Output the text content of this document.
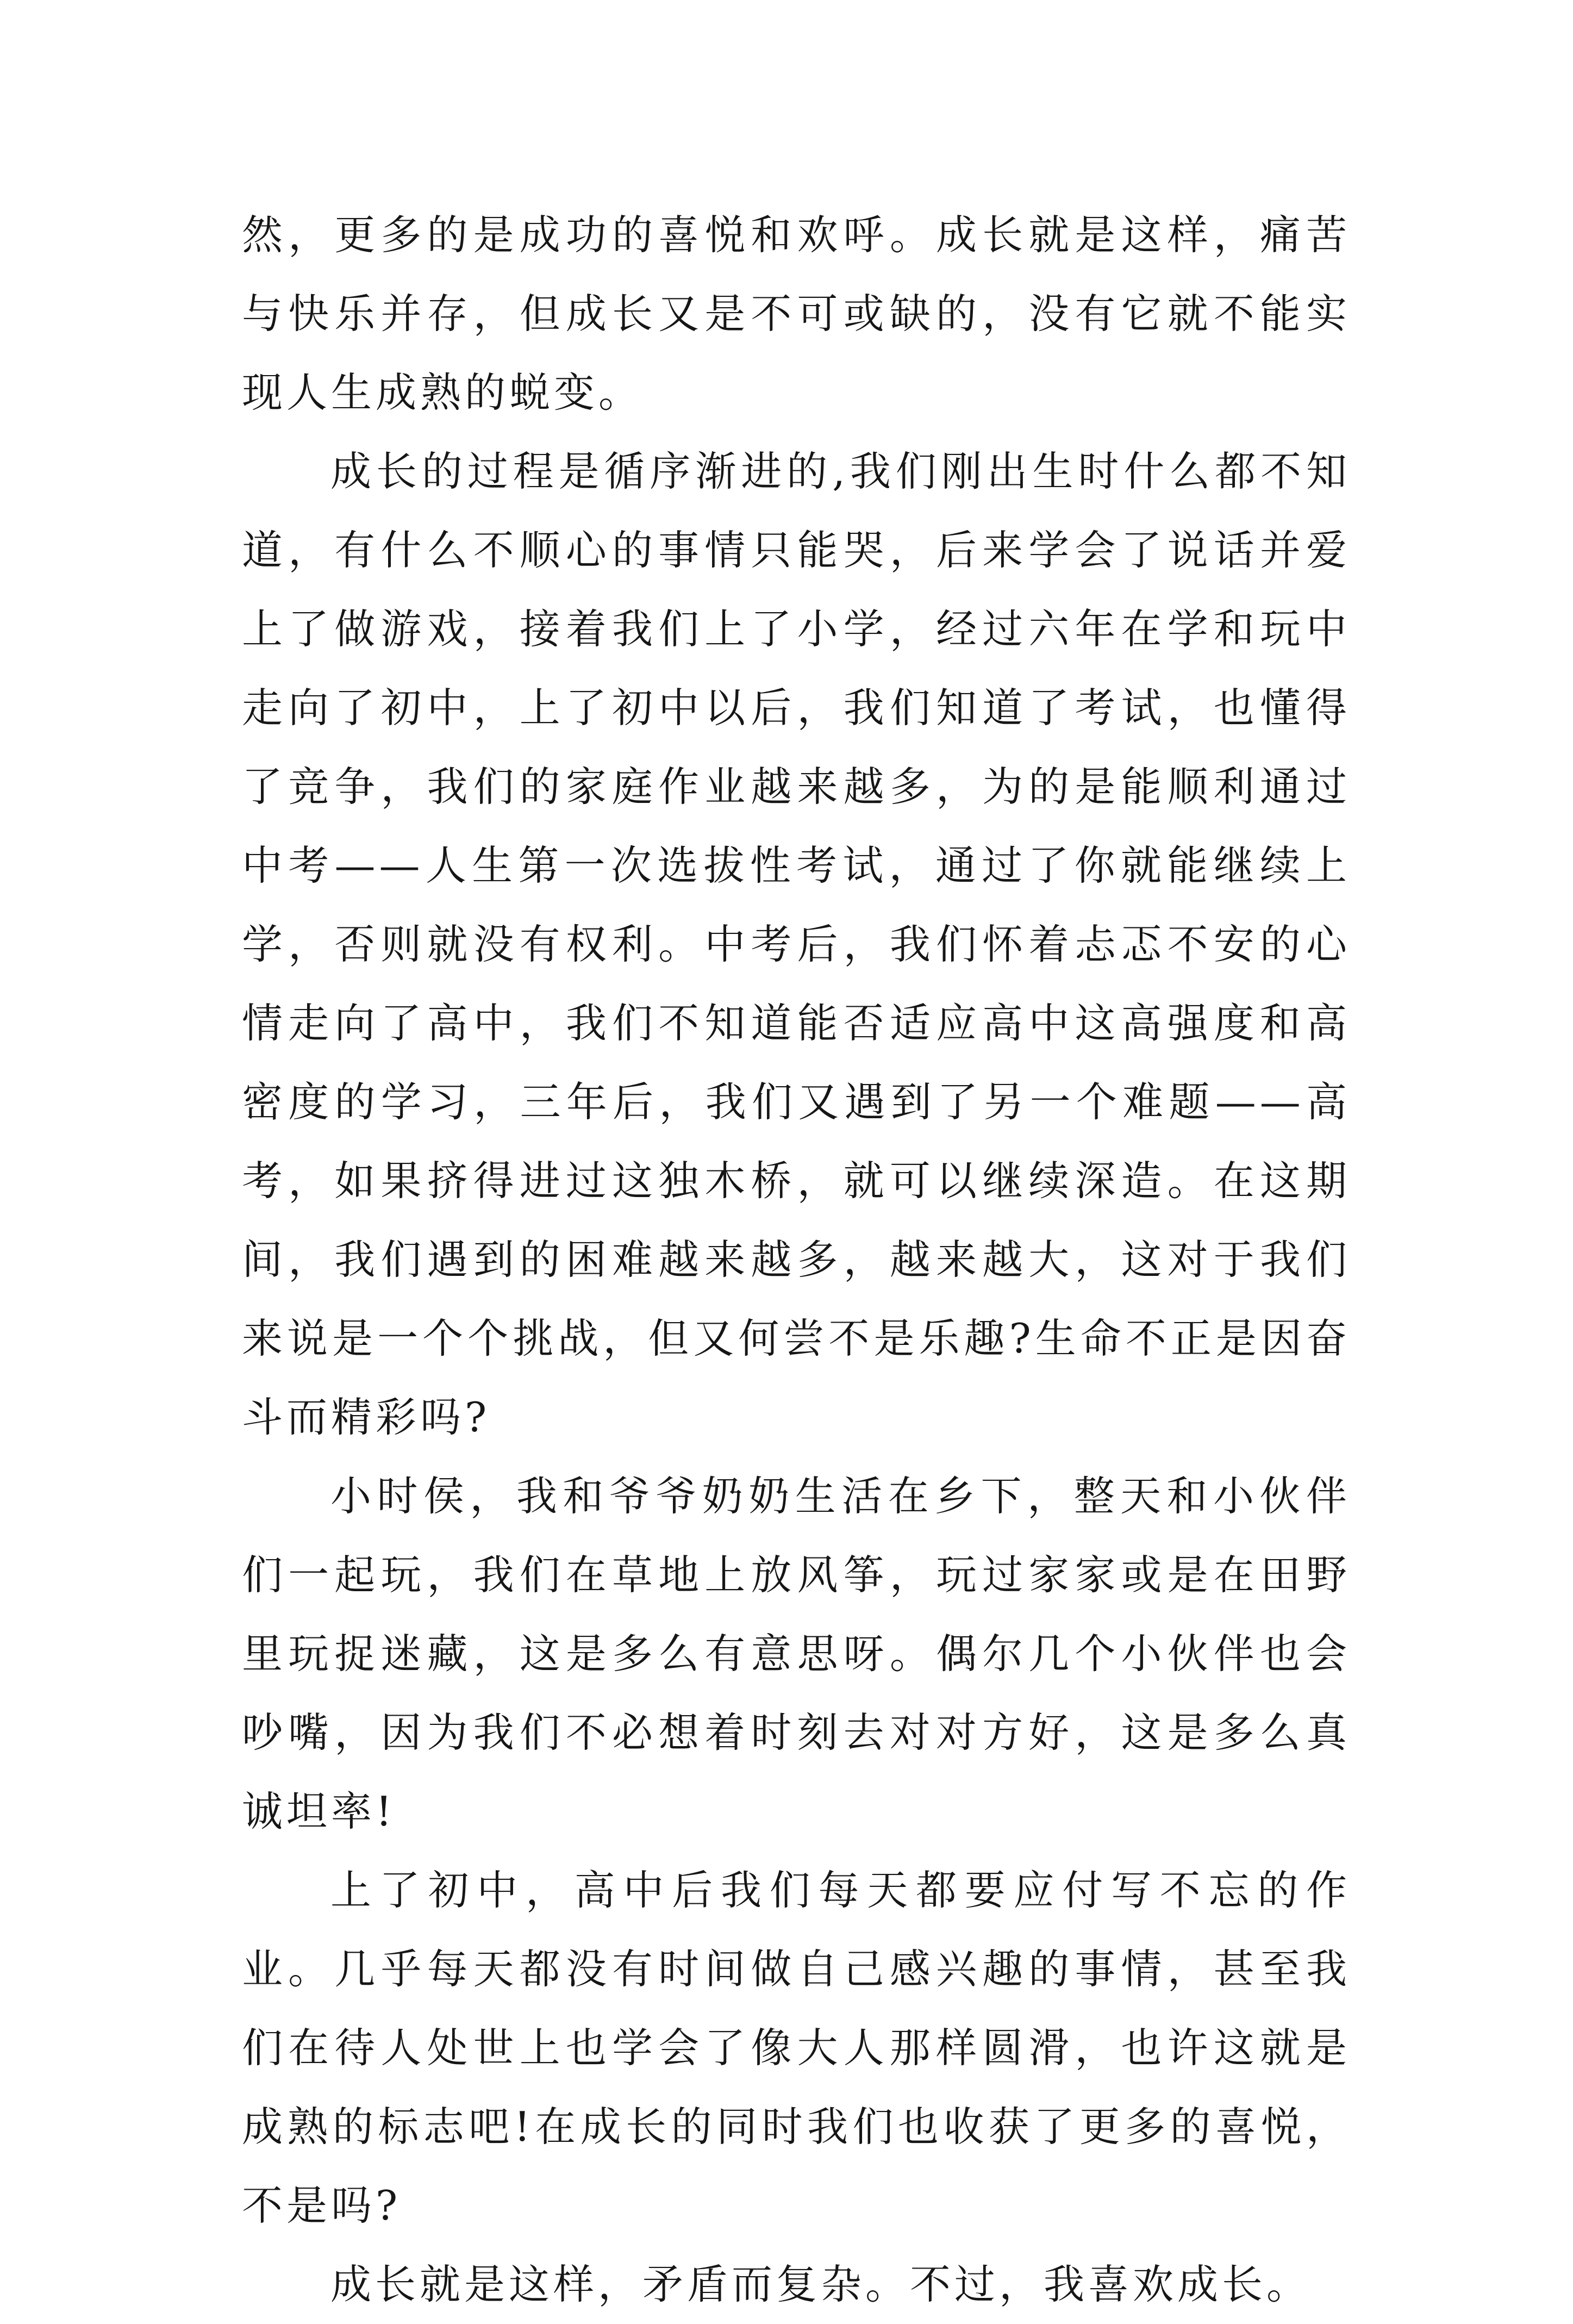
然，更多的是成功的喜悦和欢呼。成长就是这样，痛苦与快乐并存，但成长又是不可或缺的，没有它就不能实现人生成熟的蜕变。

成长的过程是循序渐进的,我们刚出生时什么都不知道，有什么不顺心的事情只能哭，后来学会了说话并爱上了做游戏，接着我们上了小学，经过六年在学和玩中走向了初中，上了初中以后，我们知道了考试，也懂得了竞争，我们的家庭作业越来越多，为的是能顺利通过中考——人生第一次选拔性考试，通过了你就能继续上学，否则就没有权利。中考后，我们怀着忐忑不安的心情走向了高中，我们不知道能否适应高中这高强度和高密度的学习，三年后，我们又遇到了另一个难题——高考，如果挤得进过这独木桥，就可以继续深造。在这期间，我们遇到的困难越来越多，越来越大，这对于我们来说是一个个挑战，但又何尝不是乐趣?生命不正是因奋斗而精彩吗?

小时侯，我和爷爷奶奶生活在乡下，整天和小伙伴们一起玩，我们在草地上放风筝，玩过家家或是在田野里玩捉迷藏，这是多么有意思呀。偶尔几个小伙伴也会吵嘴，因为我们不必想着时刻去对对方好，这是多么真诚坦率!

上了初中，高中后我们每天都要应付写不忘的作业。几乎每天都没有时间做自己感兴趣的事情，甚至我们在待人处世上也学会了像大人那样圆滑，也许这就是成熟的标志吧!在成长的同时我们也收获了更多的喜悦，不是吗?

成长就是这样，矛盾而复杂。不过，我喜欢成长。
